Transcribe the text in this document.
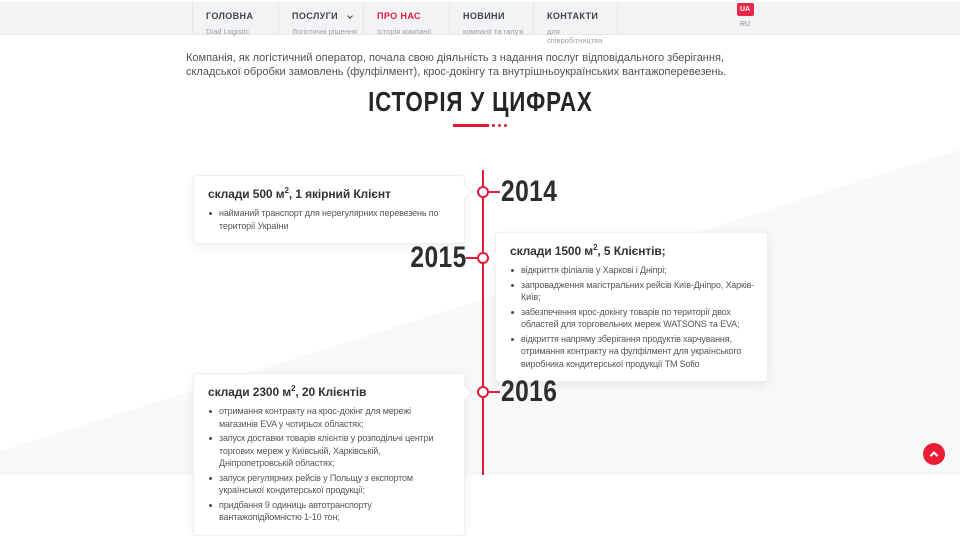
ГОЛОВНА
Diad Logistic
ПОСЛУГИ
Логістичні рішення
ПРО НАС
Історія компанії
НОВИНИ
компанії та галузі
КОНТАКТИ
для співробітництва
UA
RU
Компанія, як логістичний оператор, почала свою діяльність з надання послуг відповідального зберігання, складської обробки замовлень (фулфілмент), крос-докінгу та внутрішньоукраїнських вантажоперевезень.
ІСТОРІЯ У ЦИФРАХ
2014
склади 500 $м^2$, 1 якірний Клієнт
найманий транспорт для нерегулярних перевезень по території України
2015	склади 1500 $м^2$, 5 Клієнтів;
відкриття філіалів у Харкові і Дніпрі;
запровадження магістральних рейсів Київ-Дніпро, Харків-Київ;
забезпечення крос-докінгу товарів по території двох областей для торговельних мереж WATSONS та EVA;
відкриття напряму зберігання продуктів харчування, отримання контракту на фулфілмент для українського виробника кондитерської продукції TM Sofio
2016
склади 2300 $м^2$, 20 Клієнтів
отримання контракту на крос-докінг для мережі магазинів EVA у чотирьох областях;
запуск доставки товарів клієнтів у розподільчі центри торгових мереж у Київській, Харківській, Дніпропетровській областях;
запуск регулярних рейсів у Польщу з експортом української кондитерської продукції;
придбання 9 одиниць автотранспорту вантажопідйомністю 1-10 тон;
